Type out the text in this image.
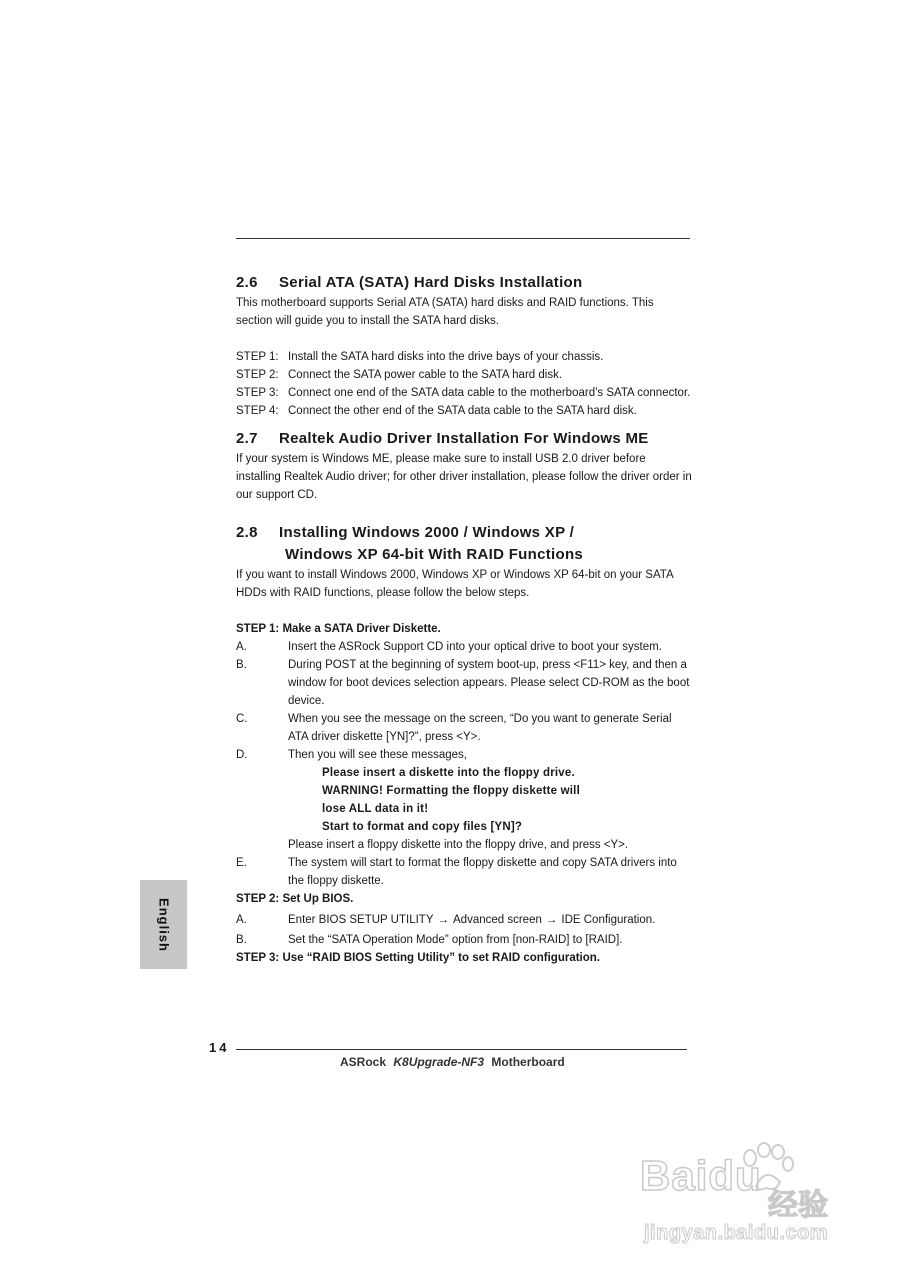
2.6 Serial ATA (SATA) Hard Disks Installation

This motherboard supports Serial ATA (SATA) hard disks and RAID functions. This section will guide you to install the SATA hard disks.

STEP 1: Install the SATA hard disks into the drive bays of your chassis.
STEP 2: Connect the SATA power cable to the SATA hard disk.
STEP 3: Connect one end of the SATA data cable to the motherboard’s SATA connector.
STEP 4: Connect the other end of the SATA data cable to the SATA hard disk.
2.7 Realtek Audio Driver Installation For Windows ME

If your system is Windows ME, please make sure to install USB 2.0 driver before installing Realtek Audio driver; for other driver installation, please follow the driver order in our support CD.

2.8 Installing Windows 2000 / Windows XP /
Windows XP 64-bit With RAID Functions

If you want to install Windows 2000, Windows XP or Windows XP 64-bit on your SATA HDDs with RAID functions, please follow the below steps.

STEP 1: Make a SATA Driver Diskette.

A.	Insert the ASRock Support CD into your optical drive to boot your system.
B.	During POST at the beginning of system boot-up, press <F11> key, and then a window for boot devices selection appears. Please select CD-ROM as the boot device.
C.	When you see the message on the screen, “Do you want to generate Serial ATA driver diskette [YN]?”, press <Y>.
D.	Then you will see these messages,

Please insert a diskette into the floppy drive.

WARNING! Formatting the floppy diskette will

lose ALL data in it!

Start to format and copy files [YN]?

Please insert a floppy diskette into the floppy drive, and press <Y>.

E.	The system will start to format the floppy diskette and copy SATA drivers into the floppy diskette.

STEP 2: Set Up BIOS.

A.	Enter BIOS SETUP UTILITY → Advanced screen → IDE Configuration.
B.	Set the “SATA Operation Mode” option from [non-RAID] to [RAID].

STEP 3: Use “RAID BIOS Setting Utility” to set RAID configuration.

English
14
ASRock K8Upgrade-NF3 Motherboard
Baidu
经验
jingyan.baidu.com
